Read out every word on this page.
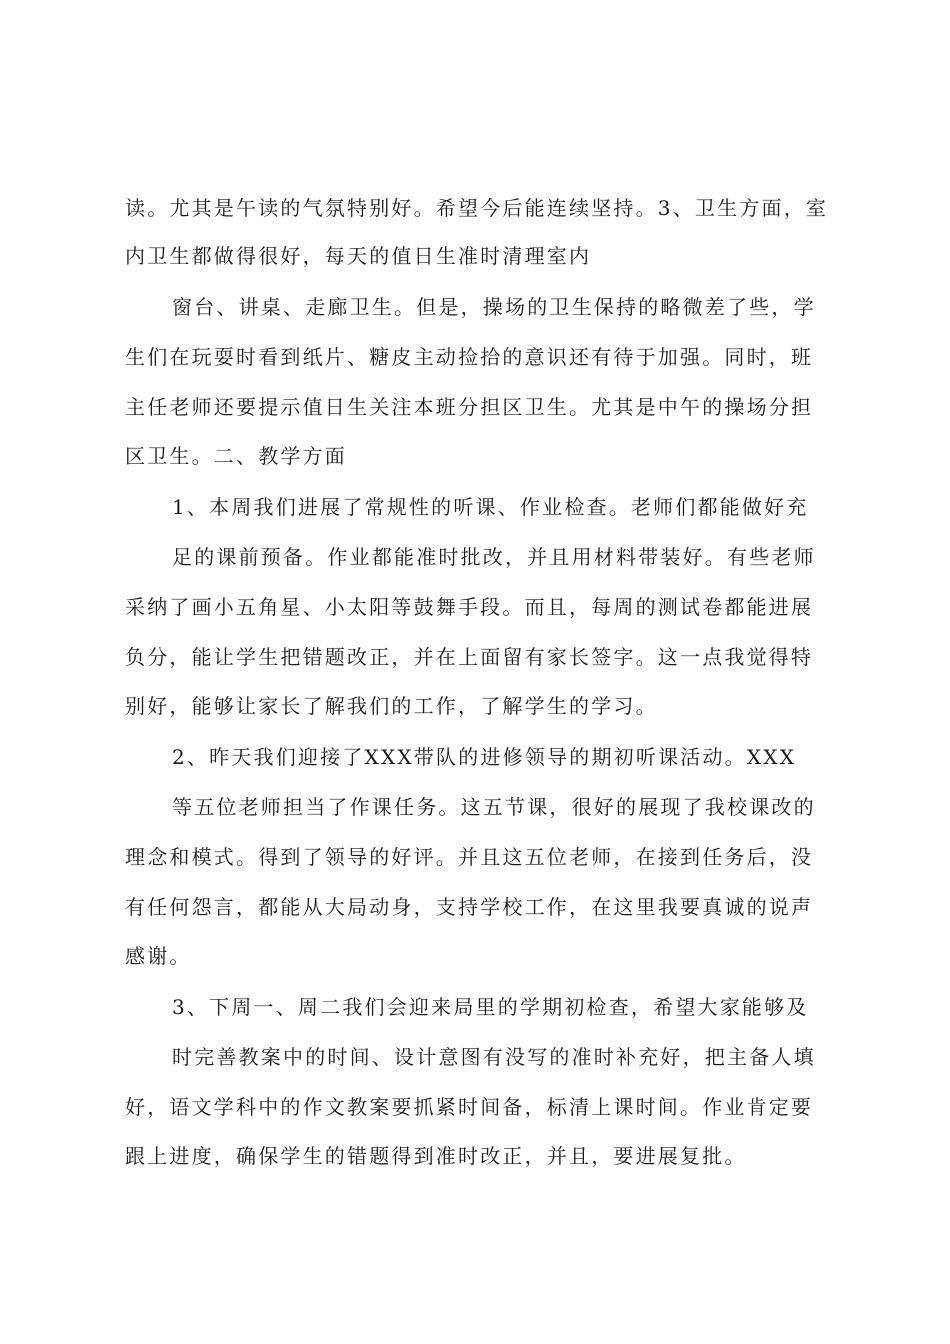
读。尤其是午读的气氛特别好。希望今后能连续坚持。3、卫生方面，室
内卫生都做得很好，每天的值日生准时清理室内
窗台、讲桌、走廊卫生。但是，操场的卫生保持的略微差了些，学
生们在玩耍时看到纸片、糖皮主动捡拾的意识还有待于加强。同时，班
主任老师还要提示值日生关注本班分担区卫生。尤其是中午的操场分担
区卫生。二、教学方面
1、本周我们进展了常规性的听课、作业检查。老师们都能做好充
足的课前预备。作业都能准时批改，并且用材料带装好。有些老师
采纳了画小五角星、小太阳等鼓舞手段。而且，每周的测试卷都能进展
负分，能让学生把错题改正，并在上面留有家长签字。这一点我觉得特
别好，能够让家长了解我们的工作，了解学生的学习。
2、昨天我们迎接了XXX带队的进修领导的期初听课活动。XXX
等五位老师担当了作课任务。这五节课，很好的展现了我校课改的
理念和模式。得到了领导的好评。并且这五位老师，在接到任务后，没
有任何怨言，都能从大局动身，支持学校工作，在这里我要真诚的说声
感谢。
3、下周一、周二我们会迎来局里的学期初检查，希望大家能够及
时完善教案中的时间、设计意图有没写的准时补充好，把主备人填
好，语文学科中的作文教案要抓紧时间备，标清上课时间。作业肯定要
跟上进度，确保学生的错题得到准时改正，并且，要进展复批。
